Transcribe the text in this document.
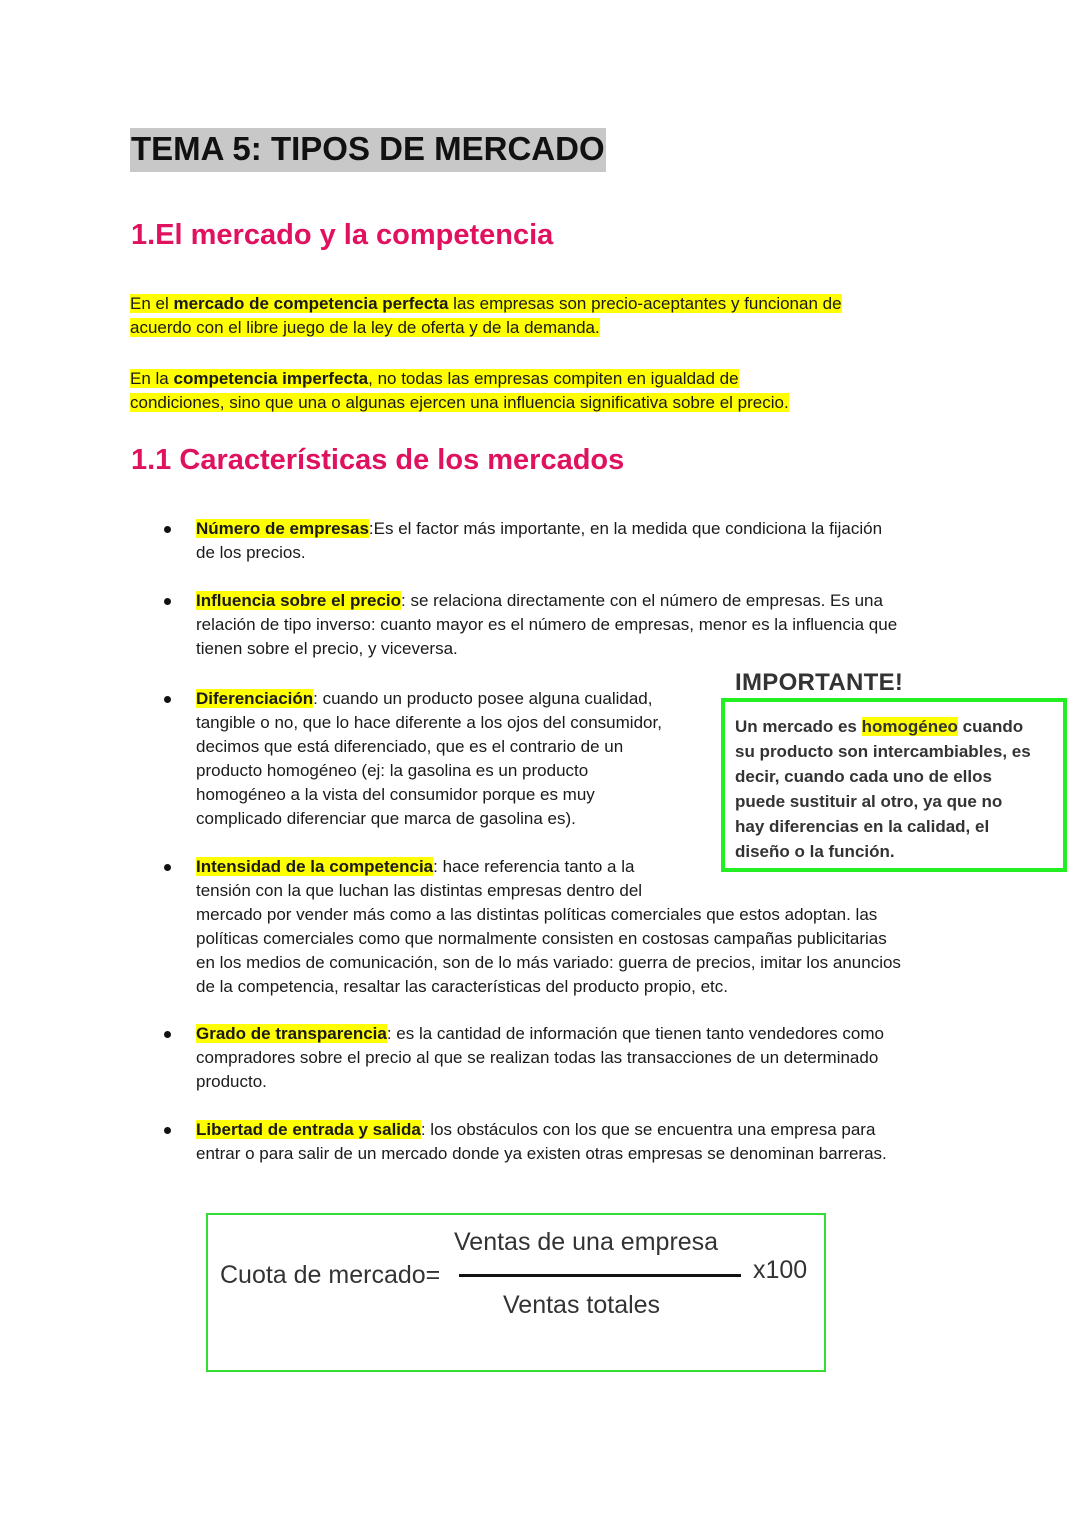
TEMA 5: TIPOS DE MERCADO
1.El mercado y la competencia
En el mercado de competencia perfecta las empresas son precio-aceptantes y funcionan de
acuerdo con el libre juego de la ley de oferta y de la demanda.
En la competencia imperfecta, no todas las empresas compiten en igualdad de
condiciones, sino que una o algunas ejercen una influencia significativa sobre el precio.
1.1 Características de los mercados
Número de empresas:Es el factor más importante, en la medida que condiciona la fijación
de los precios.
Influencia sobre el precio: se relaciona directamente con el número de empresas. Es una
relación de tipo inverso: cuanto mayor es el número de empresas, menor es la influencia que
tienen sobre el precio, y viceversa.
Diferenciación: cuando un producto posee alguna cualidad,
tangible o no, que lo hace diferente a los ojos del consumidor,
decimos que está diferenciado, que es el contrario de un
producto homogéneo (ej: la gasolina es un producto
homogéneo a la vista del consumidor porque es muy
complicado diferenciar que marca de gasolina es).
Intensidad de la competencia: hace referencia tanto a la
tensión con la que luchan las distintas empresas dentro del
mercado por vender más como a las distintas políticas comerciales que estos adoptan. las
políticas comerciales como que normalmente consisten en costosas campañas publicitarias
en los medios de comunicación, son de lo más variado: guerra de precios, imitar los anuncios
de la competencia, resaltar las características del producto propio, etc.
Grado de transparencia: es la cantidad de información que tienen tanto vendedores como
compradores sobre el precio al que se realizan todas las transacciones de un determinado
producto.
Libertad de entrada y salida: los obstáculos con los que se encuentra una empresa para
entrar o para salir de un mercado donde ya existen otras empresas se denominan barreras.
IMPORTANTE!
Un mercado es homogéneo cuando
su producto son intercambiables, es
decir, cuando cada uno de ellos
puede sustituir al otro, ya que no
hay diferencias en la calidad, el
diseño o la función.
Cuota de mercado=
Ventas de una empresa
Ventas totales
x100
